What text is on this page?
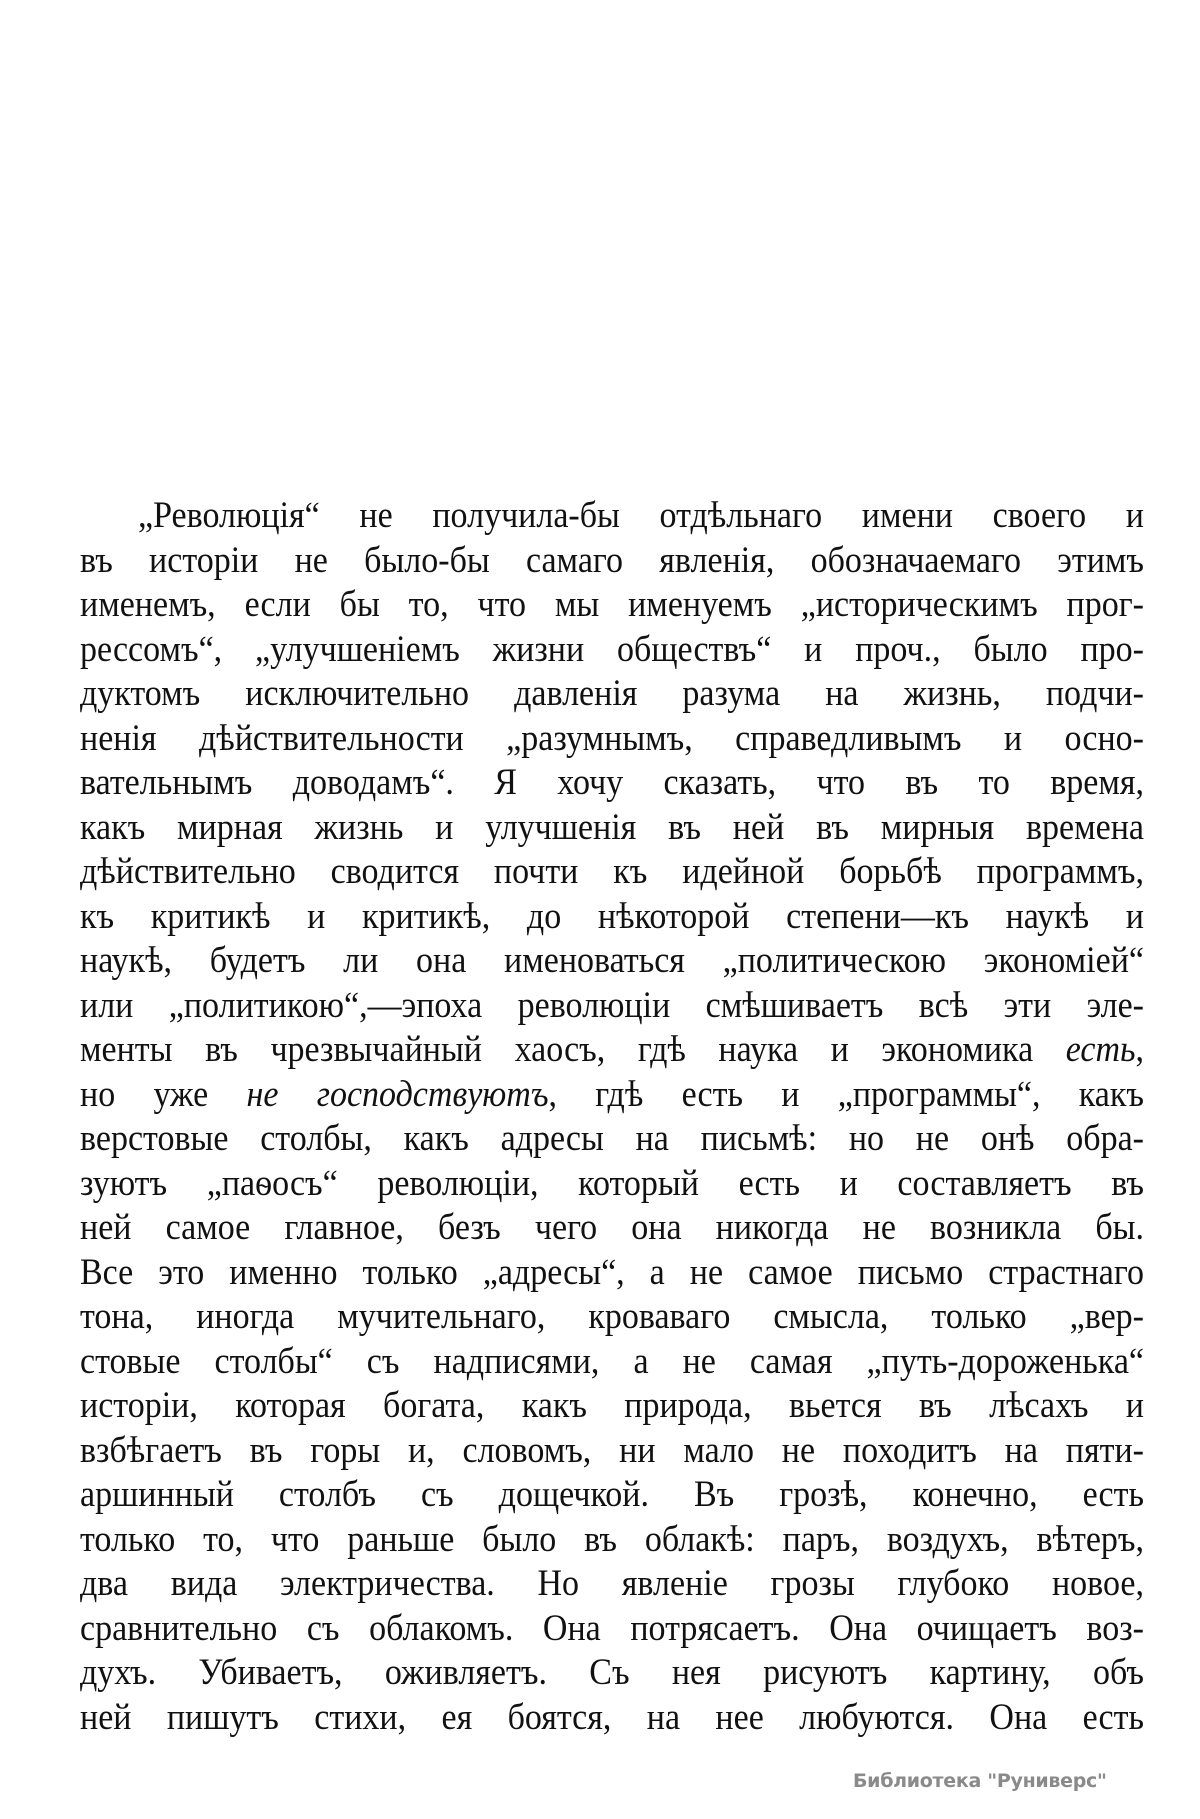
„Революція“ не получила-бы отдѣльнаго имени своего и
въ исторіи не было-бы самаго явленія, обозначаемаго этимъ
именемъ, если бы то, что мы именуемъ „историческимъ прог-
рессомъ“, „улучшеніемъ жизни обществъ“ и проч., было про-
дуктомъ исключительно давленія разума на жизнь, подчи-
ненія дѣйствительности „разумнымъ, справедливымъ и осно-
вательнымъ доводамъ“. Я хочу сказать, что въ то время,
какъ мирная жизнь и улучшенія въ ней въ мирныя времена
дѣйствительно сводится почти къ идейной борьбѣ программъ,
къ критикѣ и критикѣ, до нѣкоторой степени—къ наукѣ и
наукѣ, будетъ ли она именоваться „политическою экономіей“
или „политикою“,—эпоха революціи смѣшиваетъ всѣ эти эле-
менты въ чрезвычайный хаосъ, гдѣ наука и экономика есть,
но уже не господствуютъ, гдѣ есть и „программы“, какъ
верстовые столбы, какъ адресы на письмѣ: но не онѣ обра-
зуютъ „паѳосъ“ революціи, который есть и составляетъ въ
ней самое главное, безъ чего она никогда не возникла бы.
Все это именно только „адресы“, а не самое письмо страстнаго
тона, иногда мучительнаго, кроваваго смысла, только „вер-
стовые столбы“ съ надписями, а не самая „путь-дороженька“
исторіи, которая богата, какъ природа, вьется въ лѣсахъ и
взбѣгаетъ въ горы и, словомъ, ни мало не походитъ на пяти-
аршинный столбъ съ дощечкой. Въ грозѣ, конечно, есть
только то, что раньше было въ облакѣ: паръ, воздухъ, вѣтеръ,
два вида электричества. Но явленіе грозы глубоко новое,
сравнительно съ облакомъ. Она потрясаетъ. Она очищаетъ воз-
духъ. Убиваетъ, оживляетъ. Съ нея рисуютъ картину, объ
ней пишутъ стихи, ея боятся, на нее любуются. Она есть
Библиотека "Руниверс"
